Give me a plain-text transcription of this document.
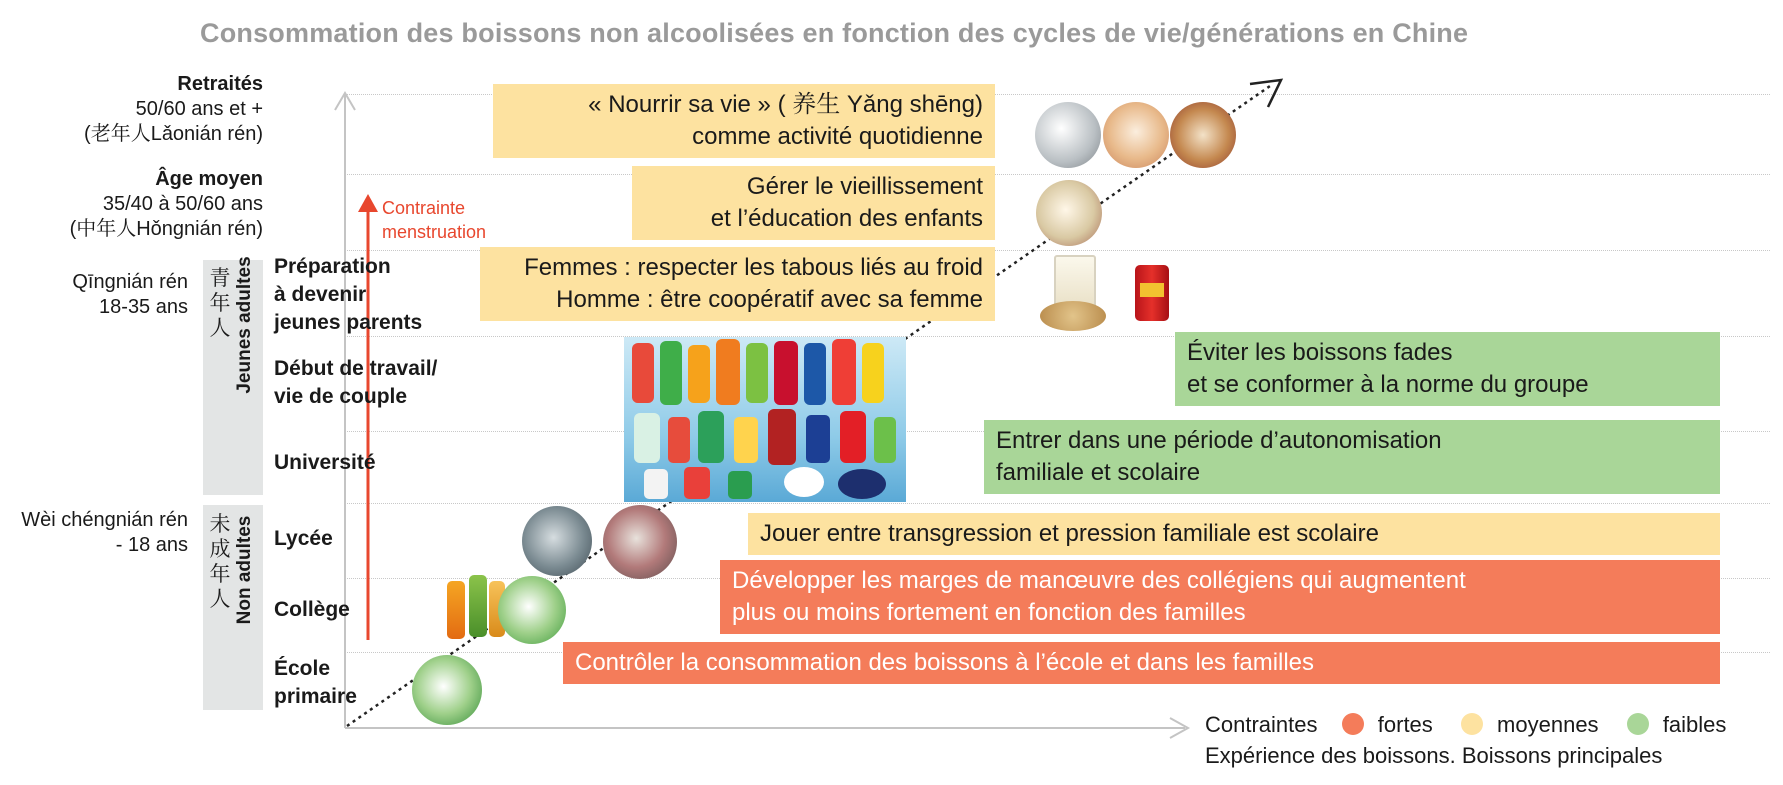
Consommation des boissons non alcoolisées en fonction des cycles de vie/générations en Chine
Retraités
50/60 ans et +
(老年人Lǎonián rén)
Âge moyen
35/40 à 50/60 ans
(中年人Hǒngnián rén)
Qīngnián rén
18-35 ans
Wèi chéngnián rén
- 18 ans
青年人 Jeunes adultes
未成年人 Non adultes
Préparation
à devenir
jeunes parents
Début de travail/
vie de couple
Université
Lycée
Collège
École
primaire
Contrainte
menstruation
« Nourrir sa vie » ( 养生 Yǎng shēng)
comme activité quotidienne
Gérer le vieillissement
et l’éducation des enfants
Femmes : respecter les tabous liés au froid
Homme : être coopératif avec sa femme
Éviter les boissons fades
et se conformer à la norme du groupe
Entrer dans une période d’autonomisation
familiale et scolaire
Jouer entre transgression et pression familiale est scolaire
Développer les marges de manœuvre des collégiens qui augmentent
plus ou moins fortement en fonction des familles
Contrôler la consommation des boissons à l’école et dans les familles
Contraintes	fortes	moyennes	faibles
Expérience des boissons. Boissons principales
